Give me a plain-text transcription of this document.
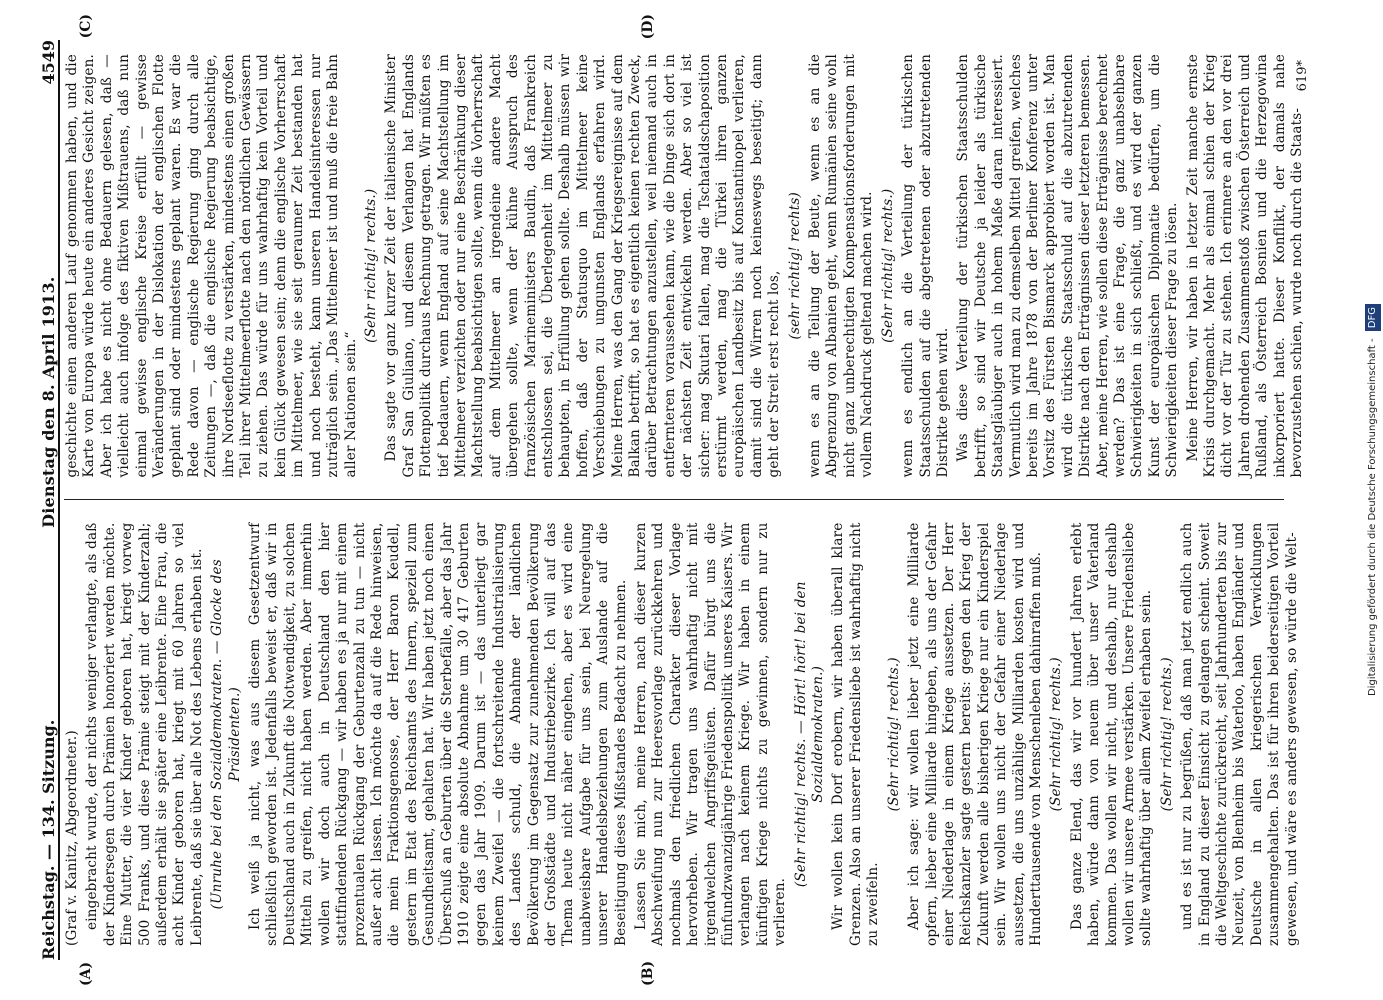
Reichstag. — 134. Sitzung.
Dienstag den 8. April 1913.
4549
(A)	(B)
(C)	(D)

(Graf v. Kanitz, Abgeordneter.) eingebracht wurde, der nichts weniger verlangte, als daß der Kindersegen durch Prämien honoriert werden möchte. Eine Mutter, die vier Kinder geboren hat, kriegt vorweg 500 Franks, und diese Prämie steigt mit der Kinderzahl; außerdem erhält sie später eine Leibrente. Eine Frau, die acht Kinder geboren hat, kriegt mit 60 Jahren so viel Leibrente, daß sie über alle Not des Lebens erhaben ist. (Unruhe bei den Sozialdemokraten. — Glocke des Präsidenten.) Ich weiß ja nicht, was aus diesem Gesetzentwurf schließlich geworden ist. Jedenfalls beweist er, daß wir in Deutschland auch in Zukunft die Notwendigkeit, zu solchen Mitteln zu greifen, nicht haben werden. Aber immerhin wollen wir doch auch in Deutschland den hier stattfindenden Rückgang — wir haben es ja nur mit einem prozentualen Rückgang der Geburtenzahl zu tun — nicht außer acht lassen. Ich möchte da auf die Rede hinweisen, die mein Fraktionsgenosse, der Herr Baron Keudell, gestern im Etat des Reichsamts des Innern, speziell zum Gesundheitsamt, gehalten hat. Wir haben jetzt noch einen Überschuß an Geburten über die Sterbefälle, aber das Jahr 1910 zeigte eine absolute Abnahme um 30 417 Geburten gegen das Jahr 1909. Darum ist — das unterliegt gar keinem Zweifel — die fortschreitende Industrialisierung des Landes schuld, die Abnahme der ländlichen Bevölkerung im Gegensatz zur zunehmenden Bevölkerung der Großstädte und Industriebezirke. Ich will auf das Thema heute nicht näher eingehen, aber es wird eine unabweisbare Aufgabe für uns sein, bei Neuregelung unserer Handelsbeziehungen zum Auslande auf die Beseitigung dieses Mißstandes Bedacht zu nehmen. Lassen Sie mich, meine Herren, nach dieser kurzen Abschweifung nun zur Heeresvorlage zurückkehren und nochmals den friedlichen Charakter dieser Vorlage hervorheben. Wir tragen uns wahrhaftig nicht mit irgendwelchen Angriffsgelüsten. Dafür bürgt uns die fünfundzwanzigjährige Friedenspolitik unseres Kaisers. Wir verlangen nach keinem Kriege. Wir haben in einem künftigen Kriege nichts zu gewinnen, sondern nur zu verlieren.

(Sehr richtig! rechts. — Hört! hört! bei den Sozialdemokraten.) Wir wollen kein Dorf erobern, wir haben überall klare Grenzen. Also an unserer Friedensliebe ist wahrhaftig nicht zu zweifeln.

(Sehr richtig! rechts.) Aber ich sage: wir wollen lieber jetzt eine Milliarde opfern, lieber eine Milliarde hingeben, als uns der Gefahr einer Niederlage in einem Kriege aussetzen. Der Herr Reichskanzler sagte gestern bereits: gegen den Krieg der Zukunft werden alle bisherigen Kriege nur ein Kinderspiel sein. Wir wollen uns nicht der Gefahr einer Niederlage aussetzen, die uns unzählige Milliarden kosten wird und Hunderttausende von Menschenleben dahinraffen muß. (Sehr richtig! rechts.) Das ganze Elend, das wir vor hundert Jahren erlebt haben, würde dann von neuem über unser Vaterland kommen. Das wollen wir nicht, und deshalb, nur deshalb wollen wir unsere Armee verstärken. Unsere Friedensliebe sollte wahrhaftig über allem Zweifel erhaben sein. (Sehr richtig! rechts.) und es ist nur zu begrüßen, daß man jetzt endlich auch in England zu dieser Einsicht zu gelangen scheint. Soweit die Weltgeschichte zurückreicht, seit Jahrhunderten bis zur Neuzeit, von Blenheim bis Waterloo, haben Engländer und Deutsche in allen kriegerischen Verwicklungen zusammengehalten. Das ist für ihren beiderseitigen Vorteil gewesen, und wäre es anders gewesen, so würde die Welt-

geschichte einen anderen Lauf genommen haben, und die Karte von Europa würde heute ein anderes Gesicht zeigen. Aber ich habe es nicht ohne Bedauern gelesen, daß — vielleicht auch infolge des fiktiven Mißtrauens, daß nun einmal gewisse englische Kreise erfüllt — gewisse Veränderungen in der Dislokation der englischen Flotte geplant sind oder mindestens geplant waren. Es war die Rede davon — englische Regierung ging durch alle Zeitungen —, daß die englische Regierung beabsichtige, ihre Nordseeflotte zu verstärken, mindestens einen großen Teil ihrer Mittelmeerflotte nach den nördlichen Gewässern zu ziehen. Das würde für uns wahrhaftig kein Vorteil und kein Glück gewesen sein; denn die englische Vorherrschaft im Mittelmeer, wie sie seit geraumer Zeit bestanden hat und noch besteht, kann unseren Handelsinteressen nur zuträglich sein. „Das Mittelmeer ist und muß die freie Bahn aller Nationen sein.“

(Sehr richtig! rechts.) Das sagte vor ganz kurzer Zeit der italienische Minister Graf San Giuliano, und diesem Verlangen hat Englands Flottenpolitik durchaus Rechnung getragen. Wir müßten es tief bedauern, wenn England auf seine Machtstellung im Mittelmeer verzichten oder nur eine Beschränkung dieser Machtstellung beabsichtigen sollte, wenn die Vorherrschaft auf dem Mittelmeer an irgendeine andere Macht übergehen sollte, wenn der kühne Ausspruch des französischen Marineministers Baudin, daß Frankreich entschlossen sei, die Überlegenheit im Mittelmeer zu behaupten, in Erfüllung gehen sollte. Deshalb müssen wir hoffen, daß der Statusquo im Mittelmeer keine Verschiebungen zu ungunsten Englands erfahren wird. Meine Herren, was den Gang der Kriegsereignisse auf dem Balkan betrifft, so hat es eigentlich keinen rechten Zweck, darüber Betrachtungen anzustellen, weil niemand auch in entfernteren voraussehen kann, wie die Dinge sich dort in der nächsten Zeit entwickeln werden. Aber so viel ist sicher: mag Skutari fallen, mag die Tschataldschaposition erstürmt werden, mag die Türkei ihren ganzen europäischen Landbesitz bis auf Konstantinopel verlieren, damit sind die Wirren noch keineswegs beseitigt; dann geht der Streit erst recht los,

(sehr richtig! rechts) wenn es an die Teilung der Beute, wenn es an die Abgrenzung von Albanien geht, wenn Rumänien seine wohl nicht ganz unberechtigten Kompensationsforderungen mit vollem Nachdruck geltend machen wird. (Sehr richtig! rechts.) wenn es endlich an die Verteilung der türkischen Staatsschulden auf die abgetretenen oder abzutretenden Distrikte gehen wird. Was diese Verteilung der türkischen Staatsschulden betrifft, so sind wir Deutsche ja leider als türkische Staatsgläubiger auch in hohem Maße daran interessiert. Vermutlich wird man zu demselben Mittel greifen, welches bereits im Jahre 1878 von der Berliner Konferenz unter Vorsitz des Fürsten Bismarck approbiert worden ist. Man wird die türkische Staatsschuld auf die abzutretenden Distrikte nach den Erträgnissen dieser letzteren bemessen. Aber, meine Herren, wie sollen diese Erträgnisse berechnet werden? Das ist eine Frage, die ganz unabsehbare Schwierigkeiten in sich schließt, und es wird der ganzen Kunst der europäischen Diplomatie bedürfen, um die Schwierigkeiten dieser Frage zu lösen. Meine Herren, wir haben in letzter Zeit manche ernste Krisis durchgemacht. Mehr als einmal schien der Krieg dicht vor der Tür zu stehen. Ich erinnere an den vor drei Jahren drohenden Zusammenstoß zwischen Österreich und Rußland, als Österreich Bosnien und die Herzegowina inkorporiert hatte. Dieser Konflikt, der damals nahe bevorzustehen schien, wurde noch durch die Staats-

619*
Digitalisierung gefördert durch die Deutsche Forschungsgemeinschaft - DFG
